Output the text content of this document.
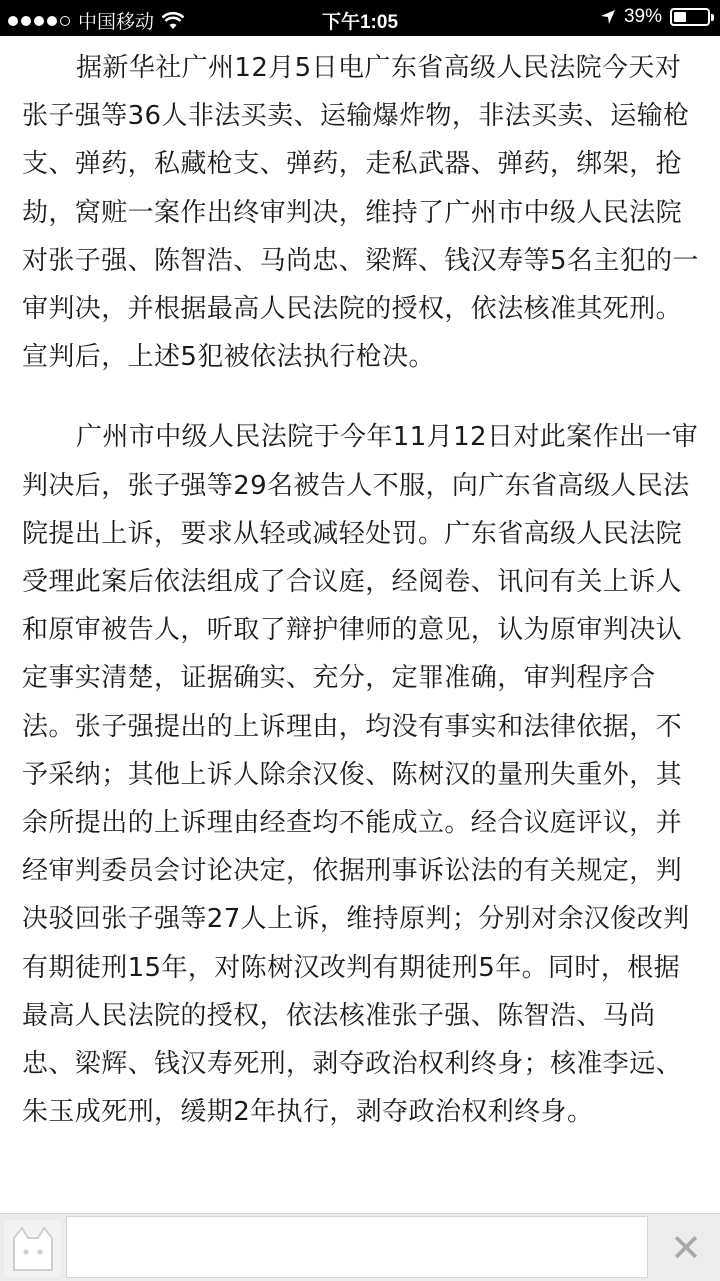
中国移动	下午1:05	39%

据新华社广州12月5日电广东省高级人民法院今天对张子强等36人非法买卖、运输爆炸物，非法买卖、运输枪支、弹药，私藏枪支、弹药，走私武器、弹药，绑架，抢劫，窝赃一案作出终审判决，维持了广州市中级人民法院对张子强、陈智浩、马尚忠、梁辉、钱汉寿等5名主犯的一审判决，并根据最高人民法院的授权，依法核准其死刑。宣判后，上述5犯被依法执行枪决。

广州市中级人民法院于今年11月12日对此案作出一审判决后，张子强等29名被告人不服，向广东省高级人民法院提出上诉，要求从轻或减轻处罚。广东省高级人民法院受理此案后依法组成了合议庭，经阅卷、讯问有关上诉人和原审被告人，听取了辩护律师的意见，认为原审判决认定事实清楚，证据确实、充分，定罪准确，审判程序合法。张子强提出的上诉理由，均没有事实和法律依据，不予采纳；其他上诉人除余汉俊、陈树汉的量刑失重外，其余所提出的上诉理由经查均不能成立。经合议庭评议，并经审判委员会讨论决定，依据刑事诉讼法的有关规定，判决驳回张子强等27人上诉，维持原判；分别对余汉俊改判有期徒刑15年，对陈树汉改判有期徒刑5年。同时，根据最高人民法院的授权，依法核准张子强、陈智浩、马尚忠、梁辉、钱汉寿死刑，剥夺政治权利终身；核准李远、朱玉成死刑，缓期2年执行，剥夺政治权利终身。

✕
